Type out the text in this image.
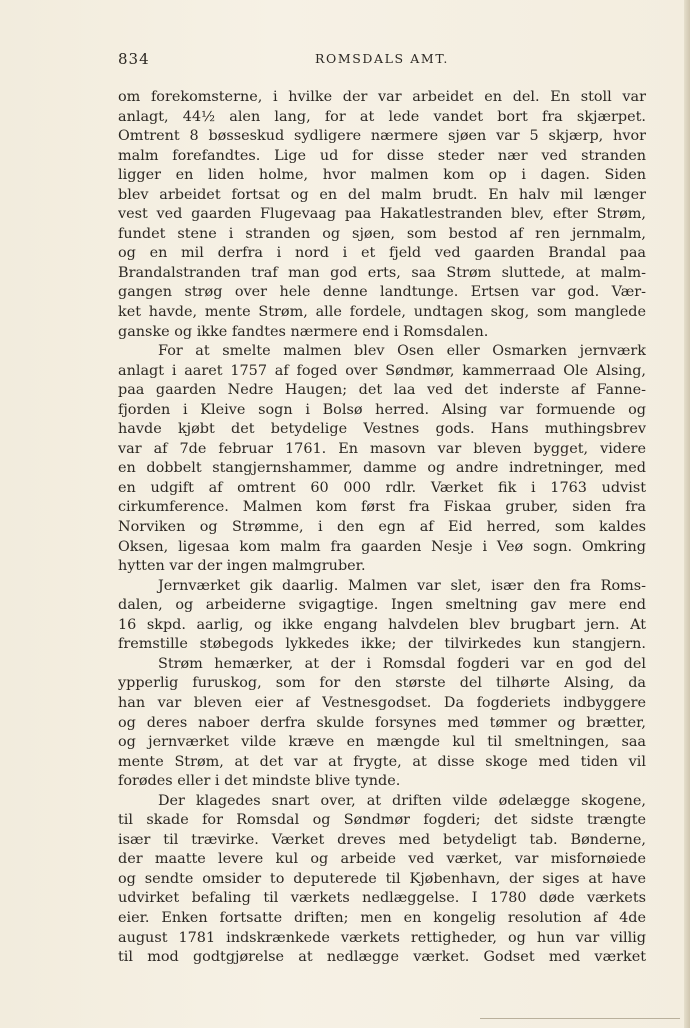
834	ROMSDALS AMT.
om forekomsterne, i hvilke der var arbeidet en del. En stoll var
anlagt, 44½ alen lang, for at lede vandet bort fra skjærpet.
Omtrent 8 bøsseskud sydligere nærmere sjøen var 5 skjærp, hvor
malm forefandtes. Lige ud for disse steder nær ved stranden
ligger en liden holme, hvor malmen kom op i dagen. Siden
blev arbeidet fortsat og en del malm brudt. En halv mil længer
vest ved gaarden Flugevaag paa Hakatlestranden blev, efter Strøm,
fundet stene i stranden og sjøen, som bestod af ren jernmalm,
og en mil derfra i nord i et fjeld ved gaarden Brandal paa
Brandalstranden traf man god erts, saa Strøm sluttede, at malm-
gangen strøg over hele denne landtunge. Ertsen var god. Vær-
ket havde, mente Strøm, alle fordele, undtagen skog, som manglede
ganske og ikke fandtes nærmere end i Romsdalen.
For at smelte malmen blev Osen eller Osmarken jernværk
anlagt i aaret 1757 af foged over Søndmør, kammerraad Ole Alsing,
paa gaarden Nedre Haugen; det laa ved det inderste af Fanne-
fjorden i Kleive sogn i Bolsø herred. Alsing var formuende og
havde kjøbt det betydelige Vestnes gods. Hans muthingsbrev
var af 7de februar 1761. En masovn var bleven bygget, videre
en dobbelt stangjernshammer, damme og andre indretninger, med
en udgift af omtrent 60 000 rdlr. Værket fik i 1763 udvist
cirkumference. Malmen kom først fra Fiskaa gruber, siden fra
Norviken og Strømme, i den egn af Eid herred, som kaldes
Oksen, ligesaa kom malm fra gaarden Nesje i Veø sogn. Omkring
hytten var der ingen malmgruber.
Jernværket gik daarlig. Malmen var slet, især den fra Roms-
dalen, og arbeiderne svigagtige. Ingen smeltning gav mere end
16 skpd. aarlig, og ikke engang halvdelen blev brugbart jern. At
fremstille støbegods lykkedes ikke; der tilvirkedes kun stangjern.
Strøm hemærker, at der i Romsdal fogderi var en god del
ypperlig furuskog, som for den største del tilhørte Alsing, da
han var bleven eier af Vestnesgodset. Da fogderiets indbyggere
og deres naboer derfra skulde forsynes med tømmer og brætter,
og jernværket vilde kræve en mængde kul til smeltningen, saa
mente Strøm, at det var at frygte, at disse skoge med tiden vil
forødes eller i det mindste blive tynde.
Der klagedes snart over, at driften vilde ødelægge skogene,
til skade for Romsdal og Søndmør fogderi; det sidste trængte
især til trævirke. Værket dreves med betydeligt tab. Bønderne,
der maatte levere kul og arbeide ved værket, var misfornøiede
og sendte omsider to deputerede til Kjøbenhavn, der siges at have
udvirket befaling til værkets nedlæggelse. I 1780 døde værkets
eier. Enken fortsatte driften; men en kongelig resolution af 4de
august 1781 indskrænkede værkets rettigheder, og hun var villig
til mod godtgjørelse at nedlægge værket. Godset med værket
